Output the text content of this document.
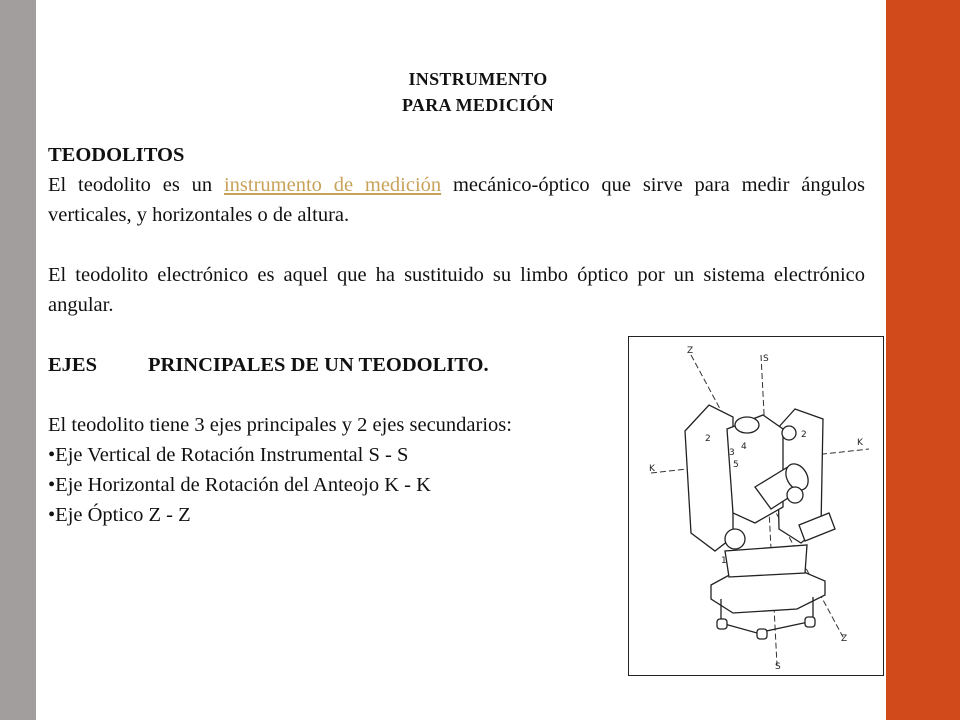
INSTRUMENTO
PARA MEDICIÓN
TEODOLITOS
El teodolito es un instrumento de medición mecánico-óptico que sirve para medir ángulos verticales, y horizontales o de altura.
El teodolito electrónico es aquel que ha sustituido su limbo óptico por un sistema electrónico angular.
EJES PRINCIPALES DE UN TEODOLITO.
El teodolito tiene 3 ejes principales y 2 ejes secundarios:
•Eje Vertical de Rotación Instrumental S - S
•Eje Horizontal de Rotación del Anteojo K - K
•Eje Óptico Z - Z
Z
S
K
K
Z
S
2	2
3
4
5
1
